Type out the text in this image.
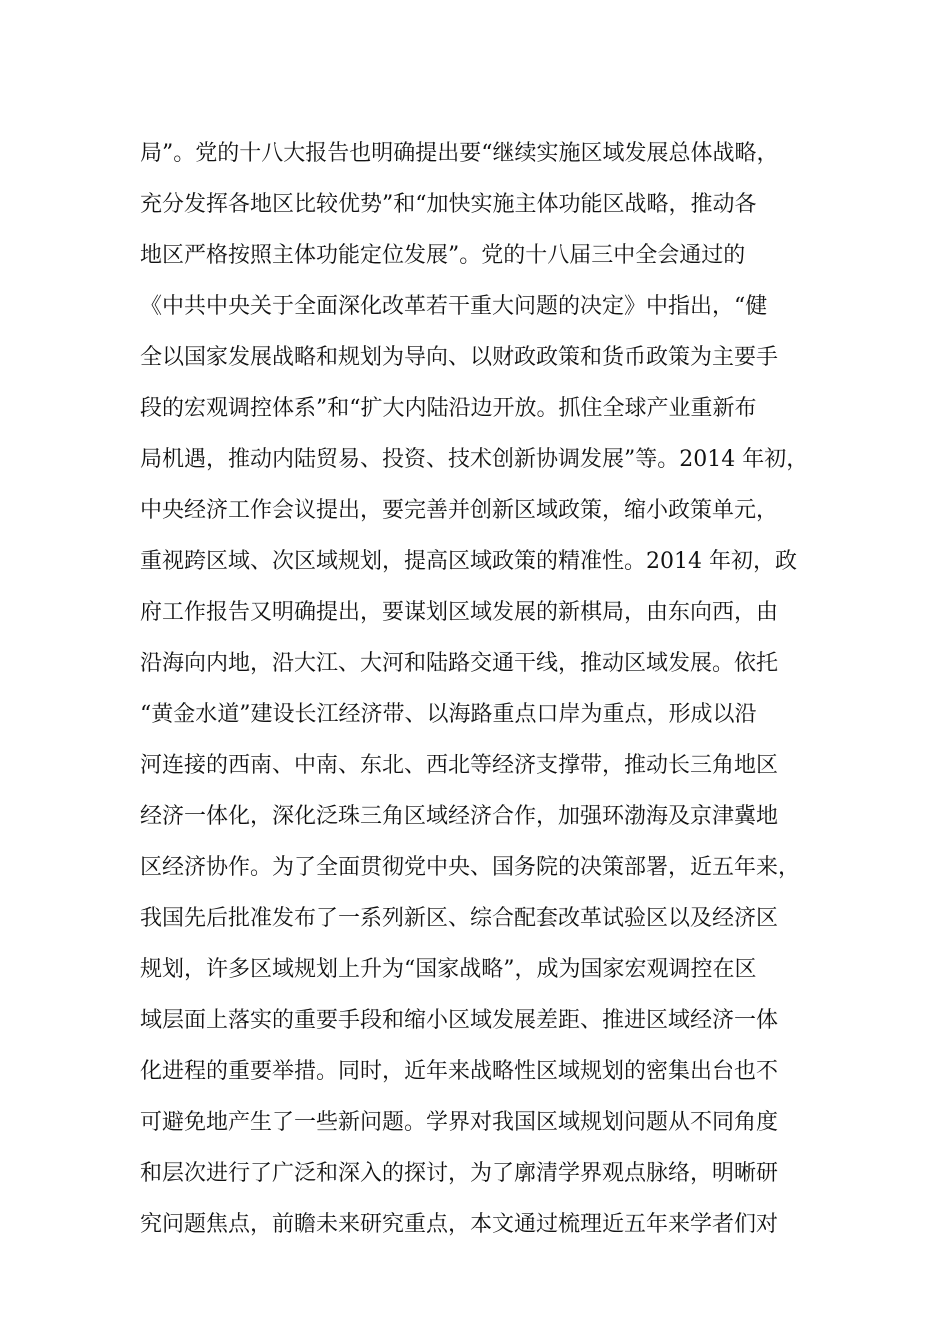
局”。党的十八大报告也明确提出要“继续实施区域发展总体战略，
充分发挥各地区比较优势”和“加快实施主体功能区战略，推动各
地区严格按照主体功能定位发展”。党的十八届三中全会通过的
《中共中央关于全面深化改革若干重大问题的决定》中指出，“健
全以国家发展战略和规划为导向、以财政政策和货币政策为主要手
段的宏观调控体系”和“扩大内陆沿边开放。抓住全球产业重新布
局机遇，推动内陆贸易、投资、技术创新协调发展”等。2014 年初，
中央经济工作会议提出，要完善并创新区域政策，缩小政策单元，
重视跨区域、次区域规划，提高区域政策的精准性。2014 年初，政
府工作报告又明确提出，要谋划区域发展的新棋局，由东向西，由
沿海向内地，沿大江、大河和陆路交通干线，推动区域发展。依托
“黄金水道”建设长江经济带、以海路重点口岸为重点，形成以沿
河连接的西南、中南、东北、西北等经济支撑带，推动长三角地区
经济一体化，深化泛珠三角区域经济合作，加强环渤海及京津冀地
区经济协作。为了全面贯彻党中央、国务院的决策部署，近五年来，
我国先后批准发布了一系列新区、综合配套改革试验区以及经济区
规划，许多区域规划上升为“国家战略”，成为国家宏观调控在区
域层面上落实的重要手段和缩小区域发展差距、推进区域经济一体
化进程的重要举措。同时，近年来战略性区域规划的密集出台也不
可避免地产生了一些新问题。学界对我国区域规划问题从不同角度
和层次进行了广泛和深入的探讨，为了廓清学界观点脉络，明晰研
究问题焦点，前瞻未来研究重点，本文通过梳理近五年来学者们对
